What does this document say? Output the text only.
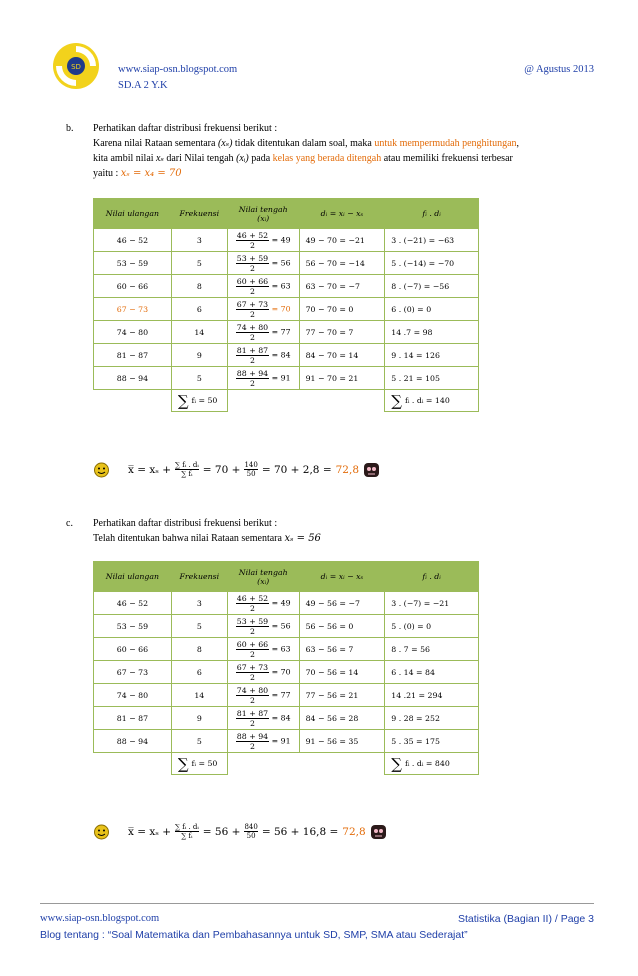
SD	www.siap-osn.blogspot.com
SD.A 2 Y.K
@ Agustus 2013
b. Perhatikan daftar distribusi frekuensi berikut :
Karena nilai Rataan sementara (xₛ) tidak ditentukan dalam soal, maka untuk mempermudah penghitungan,
kita ambil nilai xₛ dari Nilai tengah (xᵢ) pada kelas yang berada ditengah atau memiliki frekuensi terbesar
yaitu : xₛ = x₄ = 70
Nilai ulangan	Frekuensi	Nilai tengah
(xᵢ)	dᵢ = xᵢ − xₛ	fᵢ . dᵢ
46 − 52	3	$\frac{46 + 52}{2} = 49$	49 − 70 = −21	3 . (−21) = −63
53 − 59	5	$\frac{53 + 59}{2} = 56$	56 − 70 = −14	5 . (−14) = −70
60 − 66	8	$\frac{60 + 66}{2} = 63$	63 − 70 = −7	8 . (−7) = −56
67 − 73	6	$\frac{67 + 73}{2} = 70$	70 − 70 = 0	6 . (0) = 0
74 − 80	14	$\frac{74 + 80}{2} = 77$	77 − 70 = 7	14 .7 = 98
81 − 87	9	$\frac{81 + 87}{2} = 84$	84 − 70 = 14	9 . 14 = 126
88 − 94	5	$\frac{88 + 94}{2} = 91$	91 − 70 = 21	5 . 21 = 105

	∑ fᵢ = 50			∑ fᵢ . dᵢ = 140
x̅ = $x_s + \frac{\text{∑ fᵢ . dᵢ}}{\text{∑ fᵢ}} = 70 + \frac{140}{50} = 70 + 2,8 = 72,8$
c. Perhatikan daftar distribusi frekuensi berikut :
Telah ditentukan bahwa nilai Rataan sementara xₛ = 56
Nilai ulangan	Frekuensi	Nilai tengah
(xᵢ)	dᵢ = xᵢ − xₛ	fᵢ . dᵢ
46 − 52	3	$\frac{46 + 52}{2} = 49$	49 − 56 = −7	3 . (−7) = −21
53 − 59	5	$\frac{53 + 59}{2} = 56$	56 − 56 = 0	5 . (0) = 0
60 − 66	8	$\frac{60 + 66}{2} = 63$	63 − 56 = 7	8 . 7 = 56
67 − 73	6	$\frac{67 + 73}{2} = 70$	70 − 56 = 14	6 . 14 = 84
74 − 80	14	$\frac{74 + 80}{2} = 77$	77 − 56 = 21	14 .21 = 294
81 − 87	9	$\frac{81 + 87}{2} = 84$	84 − 56 = 28	9 . 28 = 252
88 − 94	5	$\frac{88 + 94}{2} = 91$	91 − 56 = 35	5 . 35 = 175

	∑ fᵢ = 50			∑ fᵢ . dᵢ = 840
x̅ = $x_s + \frac{\text{∑ fᵢ . dᵢ}}{\text{∑ fᵢ}} = 56 + \frac{840}{50} = 56 + 16,8 = 72,8$
www.siap-osn.blogspot.com	Statistika (Bagian II) / Page 3
Blog tentang : “Soal Matematika dan Pembahasannya untuk SD, SMP, SMA atau Sederajat”
